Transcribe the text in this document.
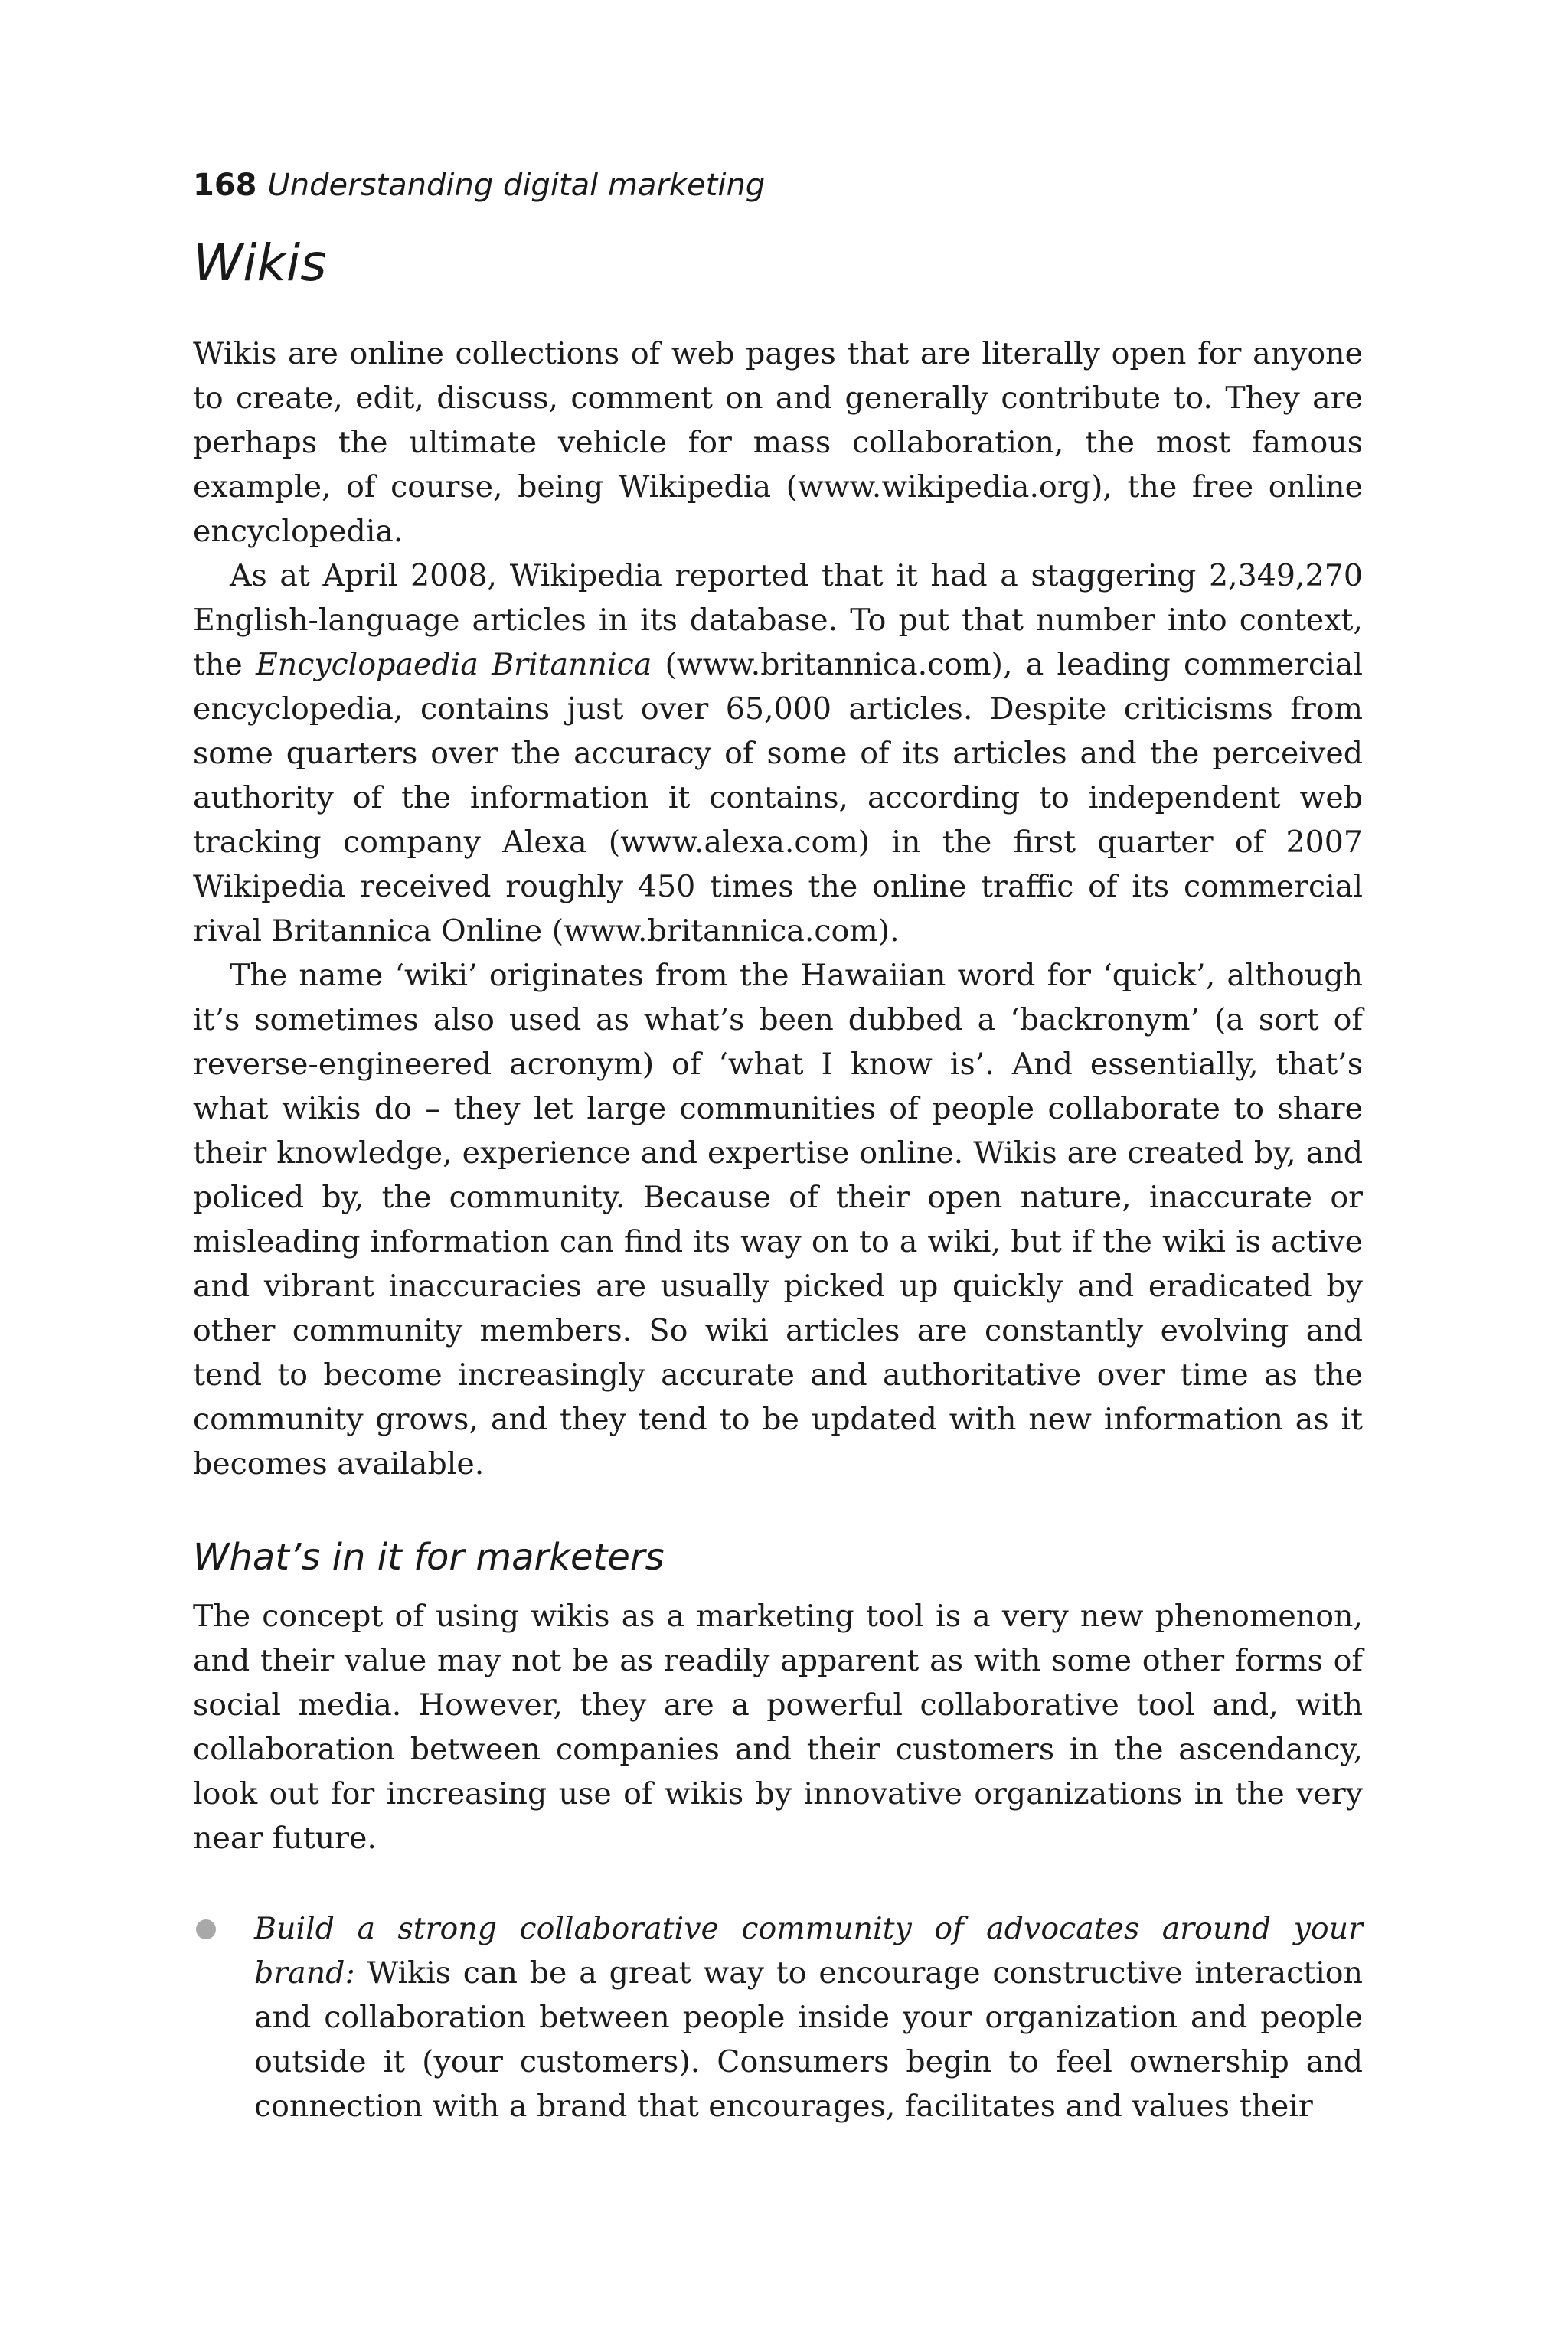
168 Understanding digital marketing
Wikis

Wikis are online collections of web pages that are literally open for anyone to create, edit, discuss, comment on and generally contribute to. They are perhaps the ultimate vehicle for mass collaboration, the most famous example, of course, being Wikipedia (www.wikipedia.org), the free online encyclopedia.

As at April 2008, Wikipedia reported that it had a staggering 2,349,270 English-language articles in its database. To put that number into context, the Encyclopaedia Britannica (www.britannica.com), a leading commercial encyclopedia, contains just over 65,000 articles. Despite criticisms from some quarters over the accuracy of some of its articles and the perceived authority of the information it contains, according to independent web tracking company Alexa (www.alexa.com) in the first quarter of 2007 Wikipedia received roughly 450 times the online traffic of its commercial rival Britannica Online (www.britannica.com).

The name ‘wiki’ originates from the Hawaiian word for ‘quick’, although it’s sometimes also used as what’s been dubbed a ‘backronym’ (a sort of reverse-engineered acronym) of ‘what I know is’. And essentially, that’s what wikis do – they let large communities of people collaborate to share their knowledge, experience and expertise online. Wikis are created by, and policed by, the community. Because of their open nature, inaccurate or misleading information can find its way on to a wiki, but if the wiki is active and vibrant inaccuracies are usually picked up quickly and eradicated by other community members. So wiki articles are constantly evolving and tend to become increasingly accurate and authoritative over time as the community grows, and they tend to be updated with new information as it becomes available.

What’s in it for marketers

The concept of using wikis as a marketing tool is a very new phenomenon, and their value may not be as readily apparent as with some other forms of social media. However, they are a powerful collaborative tool and, with collaboration between companies and their customers in the ascendancy, look out for increasing use of wikis by innovative organizations in the very near future.

Build a strong collaborative community of advocates around your brand: Wikis can be a great way to encourage constructive interaction and collaboration between people inside your organization and people outside it (your customers). Consumers begin to feel ownership and connection with a brand that encourages, facilitates and values their
